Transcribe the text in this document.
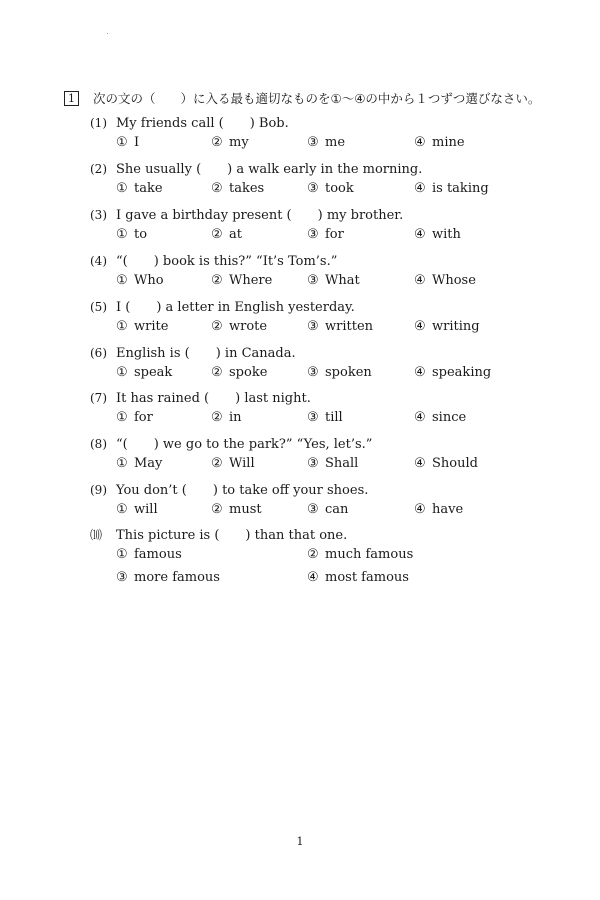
1	次の文の（　　）に入る最も適切なものを①～④の中から１つずつ選びなさい。
(1) My friends call (　　) Bob.
① I	② my	③ me	④ mine
(2) She usually (　　) a walk early in the morning.
① take	② takes	③ took	④ is taking
(3) I gave a birthday present (　　) my brother.
① to	② at	③ for	④ with
(4) “(　　) book is this?” “It’s Tom’s.”
① Who	② Where	③ What	④ Whose
(5) I (　　) a letter in English yesterday.
① write	② wrote	③ written	④ writing
(6) English is (　　) in Canada.
① speak	② spoke	③ spoken	④ speaking
(7) It has rained (　　) last night.
① for	② in	③ till	④ since
(8) “(　　) we go to the park?” “Yes, let’s.”
① May	② Will	③ Shall	④ Should
(9) You don’t (　　) to take off your shoes.
① will	② must	③ can	④ have
⑽ This picture is (　　) than that one.
① famous	② much famous
③ more famous	④ most famous
1
